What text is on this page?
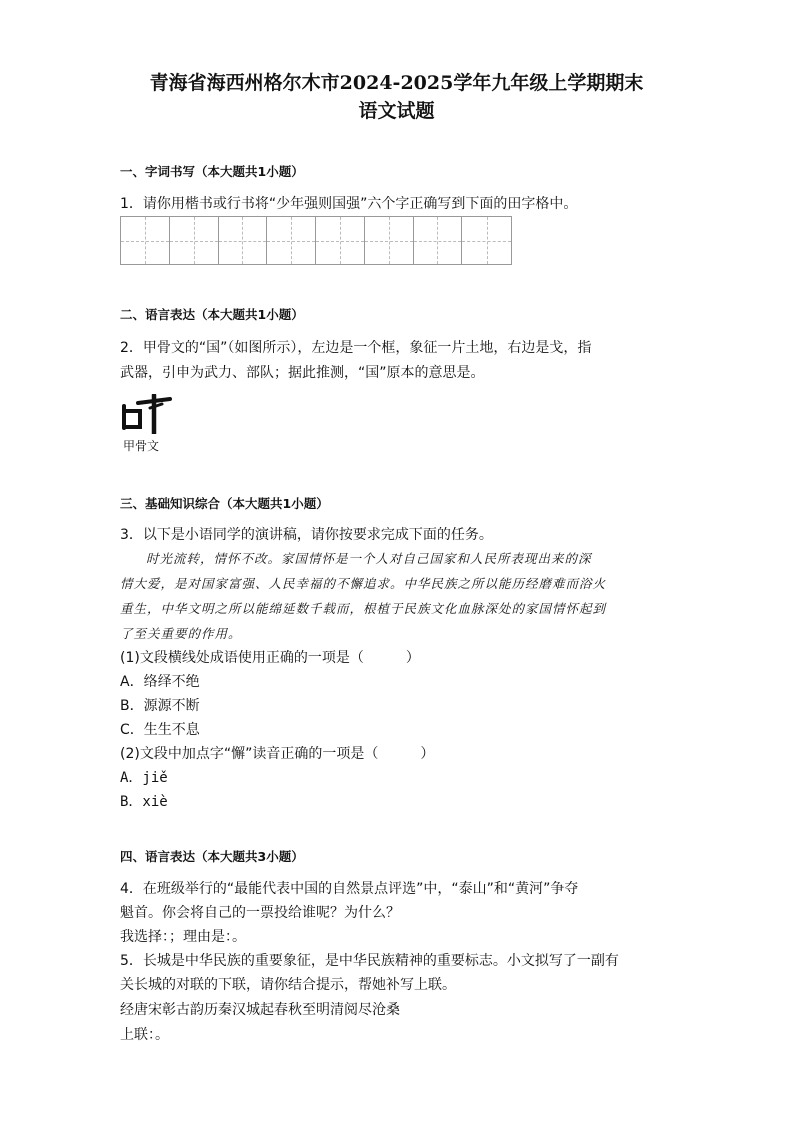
青海省海西州格尔木市2024-2025学年九年级上学期期末
语文试题
一、字词书写（本大题共1小题）
1．请你用楷书或行书将“少年强则国强”六个字正确写到下面的田字格中。
二、语言表达（本大题共1小题）
2．甲骨文的“国”（如图所示），左边是一个框，象征一片土地，右边是戈，指
武器，引申为武力、部队；据此推测，“国”原本的意思是。
甲骨文
三、基础知识综合（本大题共1小题）
3．以下是小语同学的演讲稿，请你按要求完成下面的任务。
时光流转，情怀不改。家国情怀是一个人对自己国家和人民所表现出来的深
情大爱，是对国家富强、人民幸福的不懈追求。中华民族之所以能历经磨难而浴火
重生，中华文明之所以能绵延数千载而，根植于民族文化血脉深处的家国情怀起到
了至关重要的作用。
(1)文段横线处成语使用正确的一项是（　　　）
A．络绎不绝
B．源源不断
C．生生不息
(2)文段中加点字“懈”读音正确的一项是（　　　）
A．jiě
B．xiè
四、语言表达（本大题共3小题）
4．在班级举行的“最能代表中国的自然景点评选”中，“泰山”和“黄河”争夺
魁首。你会将自己的一票投给谁呢？为什么？
我选择：；理由是：。
5．长城是中华民族的重要象征，是中华民族精神的重要标志。小文拟写了一副有
关长城的对联的下联，请你结合提示，帮她补写上联。
经唐宋彰古韵历秦汉城起春秋至明清阅尽沧桑
上联：。
